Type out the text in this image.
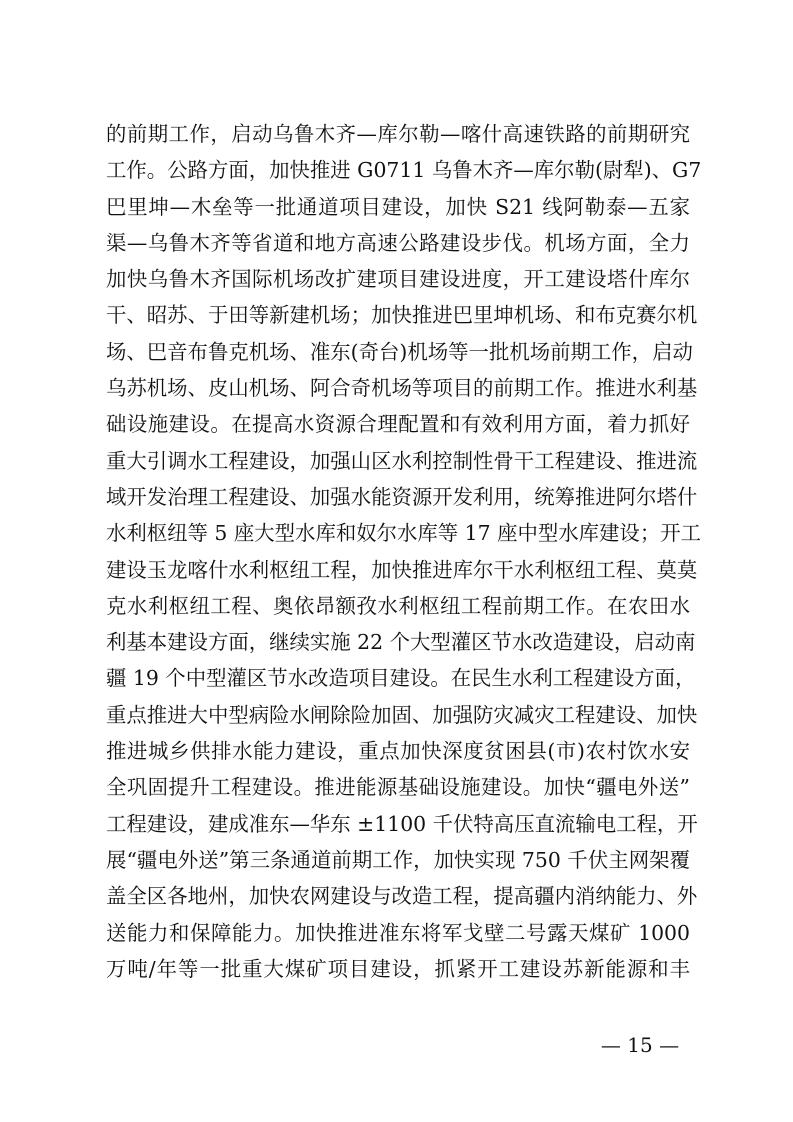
的前期工作，启动乌鲁木齐—库尔勒—喀什高速铁路的前期研究
工作。公路方面，加快推进 G0711 乌鲁木齐—库尔勒(尉犁)、G7
巴里坤—木垒等一批通道项目建设，加快 S21 线阿勒泰—五家
渠—乌鲁木齐等省道和地方高速公路建设步伐。机场方面，全力
加快乌鲁木齐国际机场改扩建项目建设进度，开工建设塔什库尔
干、昭苏、于田等新建机场；加快推进巴里坤机场、和布克赛尔机
场、巴音布鲁克机场、准东(奇台)机场等一批机场前期工作，启动
乌苏机场、皮山机场、阿合奇机场等项目的前期工作。推进水利基
础设施建设。在提高水资源合理配置和有效利用方面，着力抓好
重大引调水工程建设，加强山区水利控制性骨干工程建设、推进流
域开发治理工程建设、加强水能资源开发利用，统筹推进阿尔塔什
水利枢纽等 5 座大型水库和奴尔水库等 17 座中型水库建设；开工
建设玉龙喀什水利枢纽工程，加快推进库尔干水利枢纽工程、莫莫
克水利枢纽工程、奥依昂额孜水利枢纽工程前期工作。在农田水
利基本建设方面，继续实施 22 个大型灌区节水改造建设，启动南
疆 19 个中型灌区节水改造项目建设。在民生水利工程建设方面，
重点推进大中型病险水闸除险加固、加强防灾减灾工程建设、加快
推进城乡供排水能力建设，重点加快深度贫困县(市)农村饮水安
全巩固提升工程建设。推进能源基础设施建设。加快“疆电外送”
工程建设，建成准东—华东 ±1100 千伏特高压直流输电工程，开
展“疆电外送”第三条通道前期工作，加快实现 750 千伏主网架覆
盖全区各地州，加快农网建设与改造工程，提高疆内消纳能力、外
送能力和保障能力。加快推进准东将军戈壁二号露天煤矿 1000
万吨/年等一批重大煤矿项目建设，抓紧开工建设苏新能源和丰
— 15 —
